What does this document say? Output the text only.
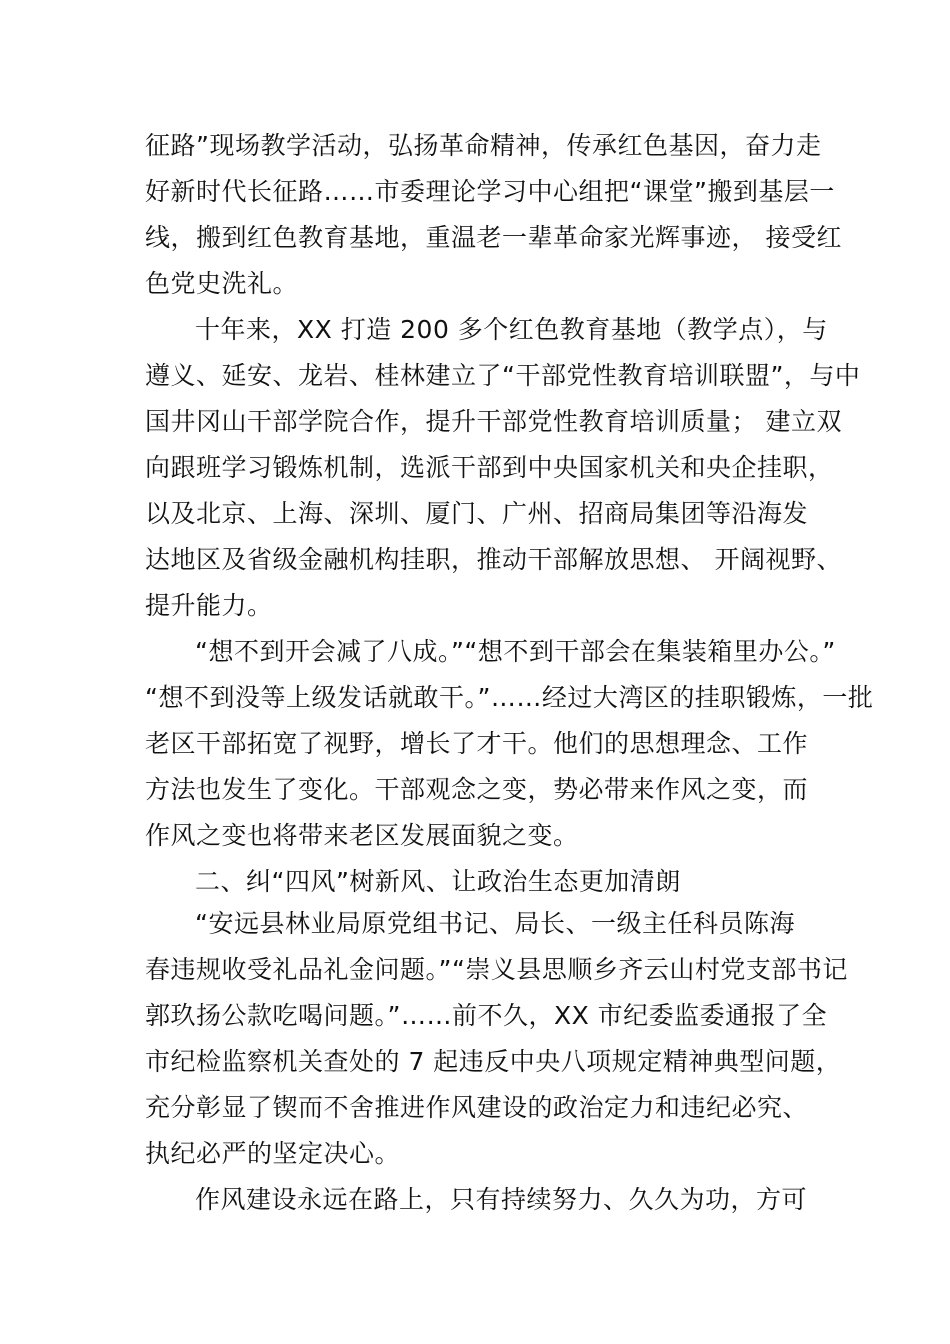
征路”现场教学活动，弘扬革命精神，传承红色基因，奋力走
好新时代长征路……市委理论学习中心组把“课堂”搬到基层一
线，搬到红色教育基地，重温老一辈革命家光辉事迹， 接受红
色党史洗礼。
十年来，XX 打造 200 多个红色教育基地（教学点），与
遵义、延安、龙岩、桂林建立了“干部党性教育培训联盟”，与中
国井冈山干部学院合作，提升干部党性教育培训质量； 建立双
向跟班学习锻炼机制，选派干部到中央国家机关和央企挂职，
以及北京、上海、深圳、厦门、广州、招商局集团等沿海发
达地区及省级金融机构挂职，推动干部解放思想、 开阔视野、
提升能力。
“想不到开会减了八成。”“想不到干部会在集装箱里办公。”
“想不到没等上级发话就敢干。”……经过大湾区的挂职锻炼，一批
老区干部拓宽了视野，增长了才干。他们的思想理念、工作
方法也发生了变化。干部观念之变，势必带来作风之变，而
作风之变也将带来老区发展面貌之变。
二、纠“四风”树新风、让政治生态更加清朗
“安远县林业局原党组书记、局长、一级主任科员陈海
春违规收受礼品礼金问题。”“崇义县思顺乡齐云山村党支部书记
郭玖扬公款吃喝问题。”……前不久，XX 市纪委监委通报了全
市纪检监察机关查处的 7 起违反中央八项规定精神典型问题，
充分彰显了锲而不舍推进作风建设的政治定力和违纪必究、
执纪必严的坚定决心。
作风建设永远在路上，只有持续努力、久久为功，方可
